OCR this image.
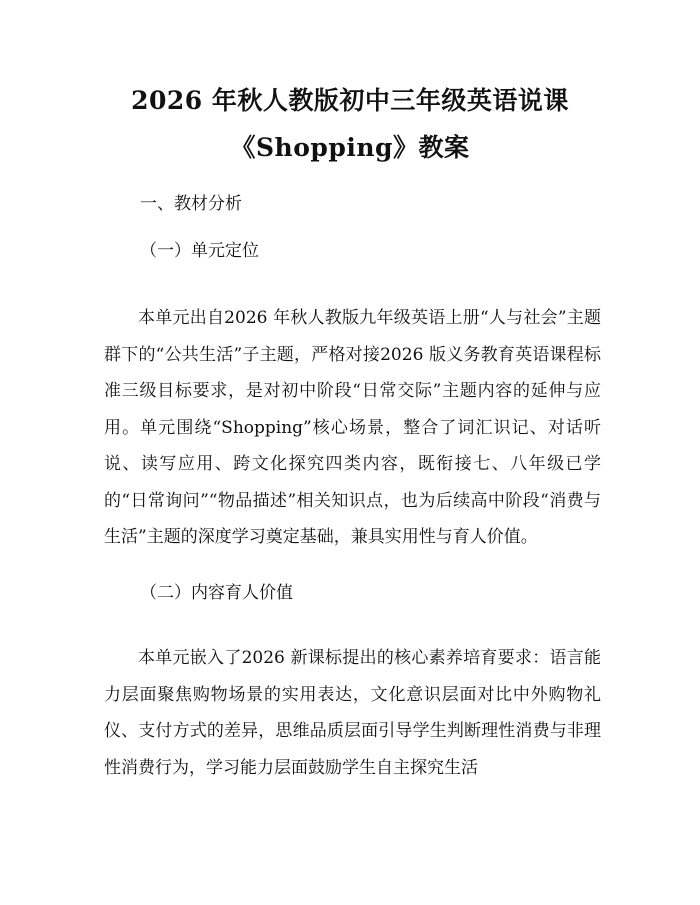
2026 年秋人教版初中三年级英语说课
《Shopping》教案
一、教材分析
（一）单元定位

本单元出自2026 年秋人教版九年级英语上册“人与社会”主题群下的“公共生活”子主题，严格对接2026 版义务教育英语课程标准三级目标要求，是对初中阶段“日常交际”主题内容的延伸与应用。单元围绕“Shopping”核心场景，整合了词汇识记、对话听说、读写应用、跨文化探究四类内容，既衔接七、八年级已学的“日常询问”“物品描述”相关知识点，也为后续高中阶段“消费与生活”主题的深度学习奠定基础，兼具实用性与育人价值。

（二）内容育人价值

本单元嵌入了2026 新课标提出的核心素养培育要求：语言能力层面聚焦购物场景的实用表达，文化意识层面对比中外购物礼仪、支付方式的差异，思维品质层面引导学生判断理性消费与非理性消费行为，学习能力层面鼓励学生自主探究生活
